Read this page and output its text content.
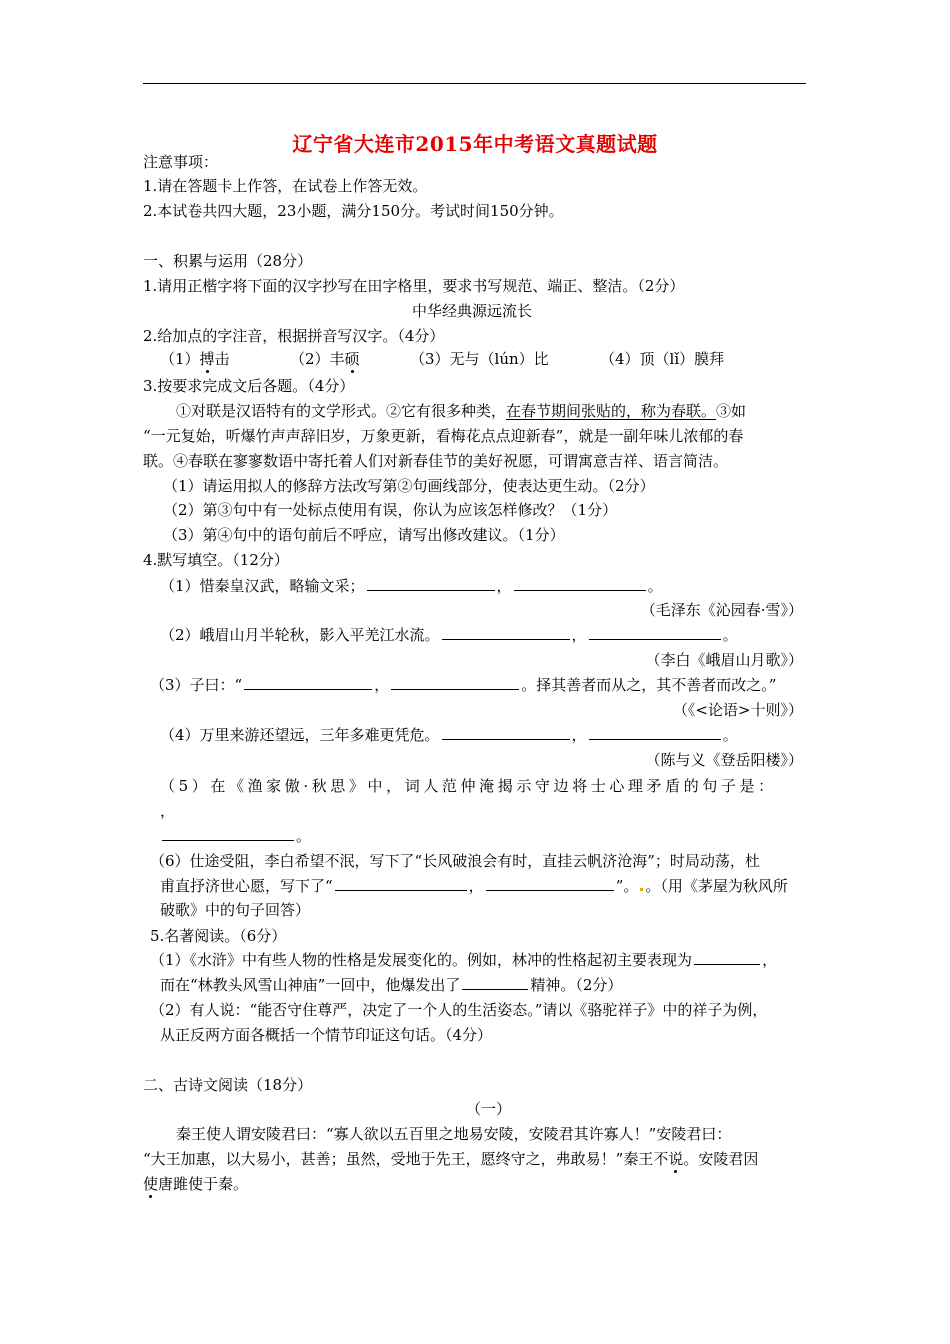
辽宁省大连市2015年中考语文真题试题
注意事项：
1.请在答题卡上作答，在试卷上作答无效。
2.本试卷共四大题，23小题，满分150分。考试时间150分钟。
一、积累与运用（28分）
1.请用正楷字将下面的汉字抄写在田字格里，要求书写规范、端正、整洁。（2分）
中华经典源远流长
2.给加点的字注音，根据拼音写汉字。（4分）
（1）搏击	（2）丰硕	（3）无与（lún）比	（4）顶（lǐ）膜拜
3.按要求完成文后各题。（4分）
①对联是汉语特有的文学形式。②它有很多种类，在春节期间张贴的，称为春联。③如
“一元复始，听爆竹声声辞旧岁，万象更新，看梅花点点迎新春”，就是一副年味儿浓郁的春
联。④春联在寥寥数语中寄托着人们对新春佳节的美好祝愿，可谓寓意吉祥、语言简洁。
（1）请运用拟人的修辞方法改写第②句画线部分，使表达更生动。（2分）
（2）第③句中有一处标点使用有误，你认为应该怎样修改？（1分）
（3）第④句中的语句前后不呼应，请写出修改建议。（1分）
4.默写填空。（12分）
（1）惜秦皇汉武，略输文采；	，	。
（毛泽东《沁园春·雪》）
（2）峨眉山月半轮秋，影入平羌江水流。	，	。
（李白《峨眉山月歌》）
（3）子曰：“	，	。择其善者而从之，其不善者而改之。”
（《<论语>十则》）
（4）万里来游还望远，三年多难更凭危。	，	。
（陈与义《登岳阳楼》）
（5）在《渔家傲·秋思》中，词人范仲淹揭示守边将士心理矛盾的句子是：
，
。
（6）仕途受阻，李白希望不泯，写下了“长风破浪会有时，直挂云帆济沧海”；时局动荡，杜
甫直抒济世心愿，写下了“	，	”。 。（用《茅屋为秋风所
破歌》中的句子回答）
5.名著阅读。（6分）
（1）《水浒》中有些人物的性格是发展变化的。例如，林冲的性格起初主要表现为	，
而在“林教头风雪山神庙”一回中，他爆发出了	精神。（2分）
（2）有人说：“能否守住尊严，决定了一个人的生活姿态。”请以《骆驼祥子》中的祥子为例，
从正反两方面各概括一个情节印证这句话。（4分）
二、古诗文阅读（18分）
（一）
秦王使人谓安陵君曰：“寡人欲以五百里之地易安陵，安陵君其许寡人！”安陵君曰：
“大王加惠，以大易小，甚善；虽然，受地于先王，愿终守之，弗敢易！”秦王不说。安陵君因
使唐雎使于秦。
